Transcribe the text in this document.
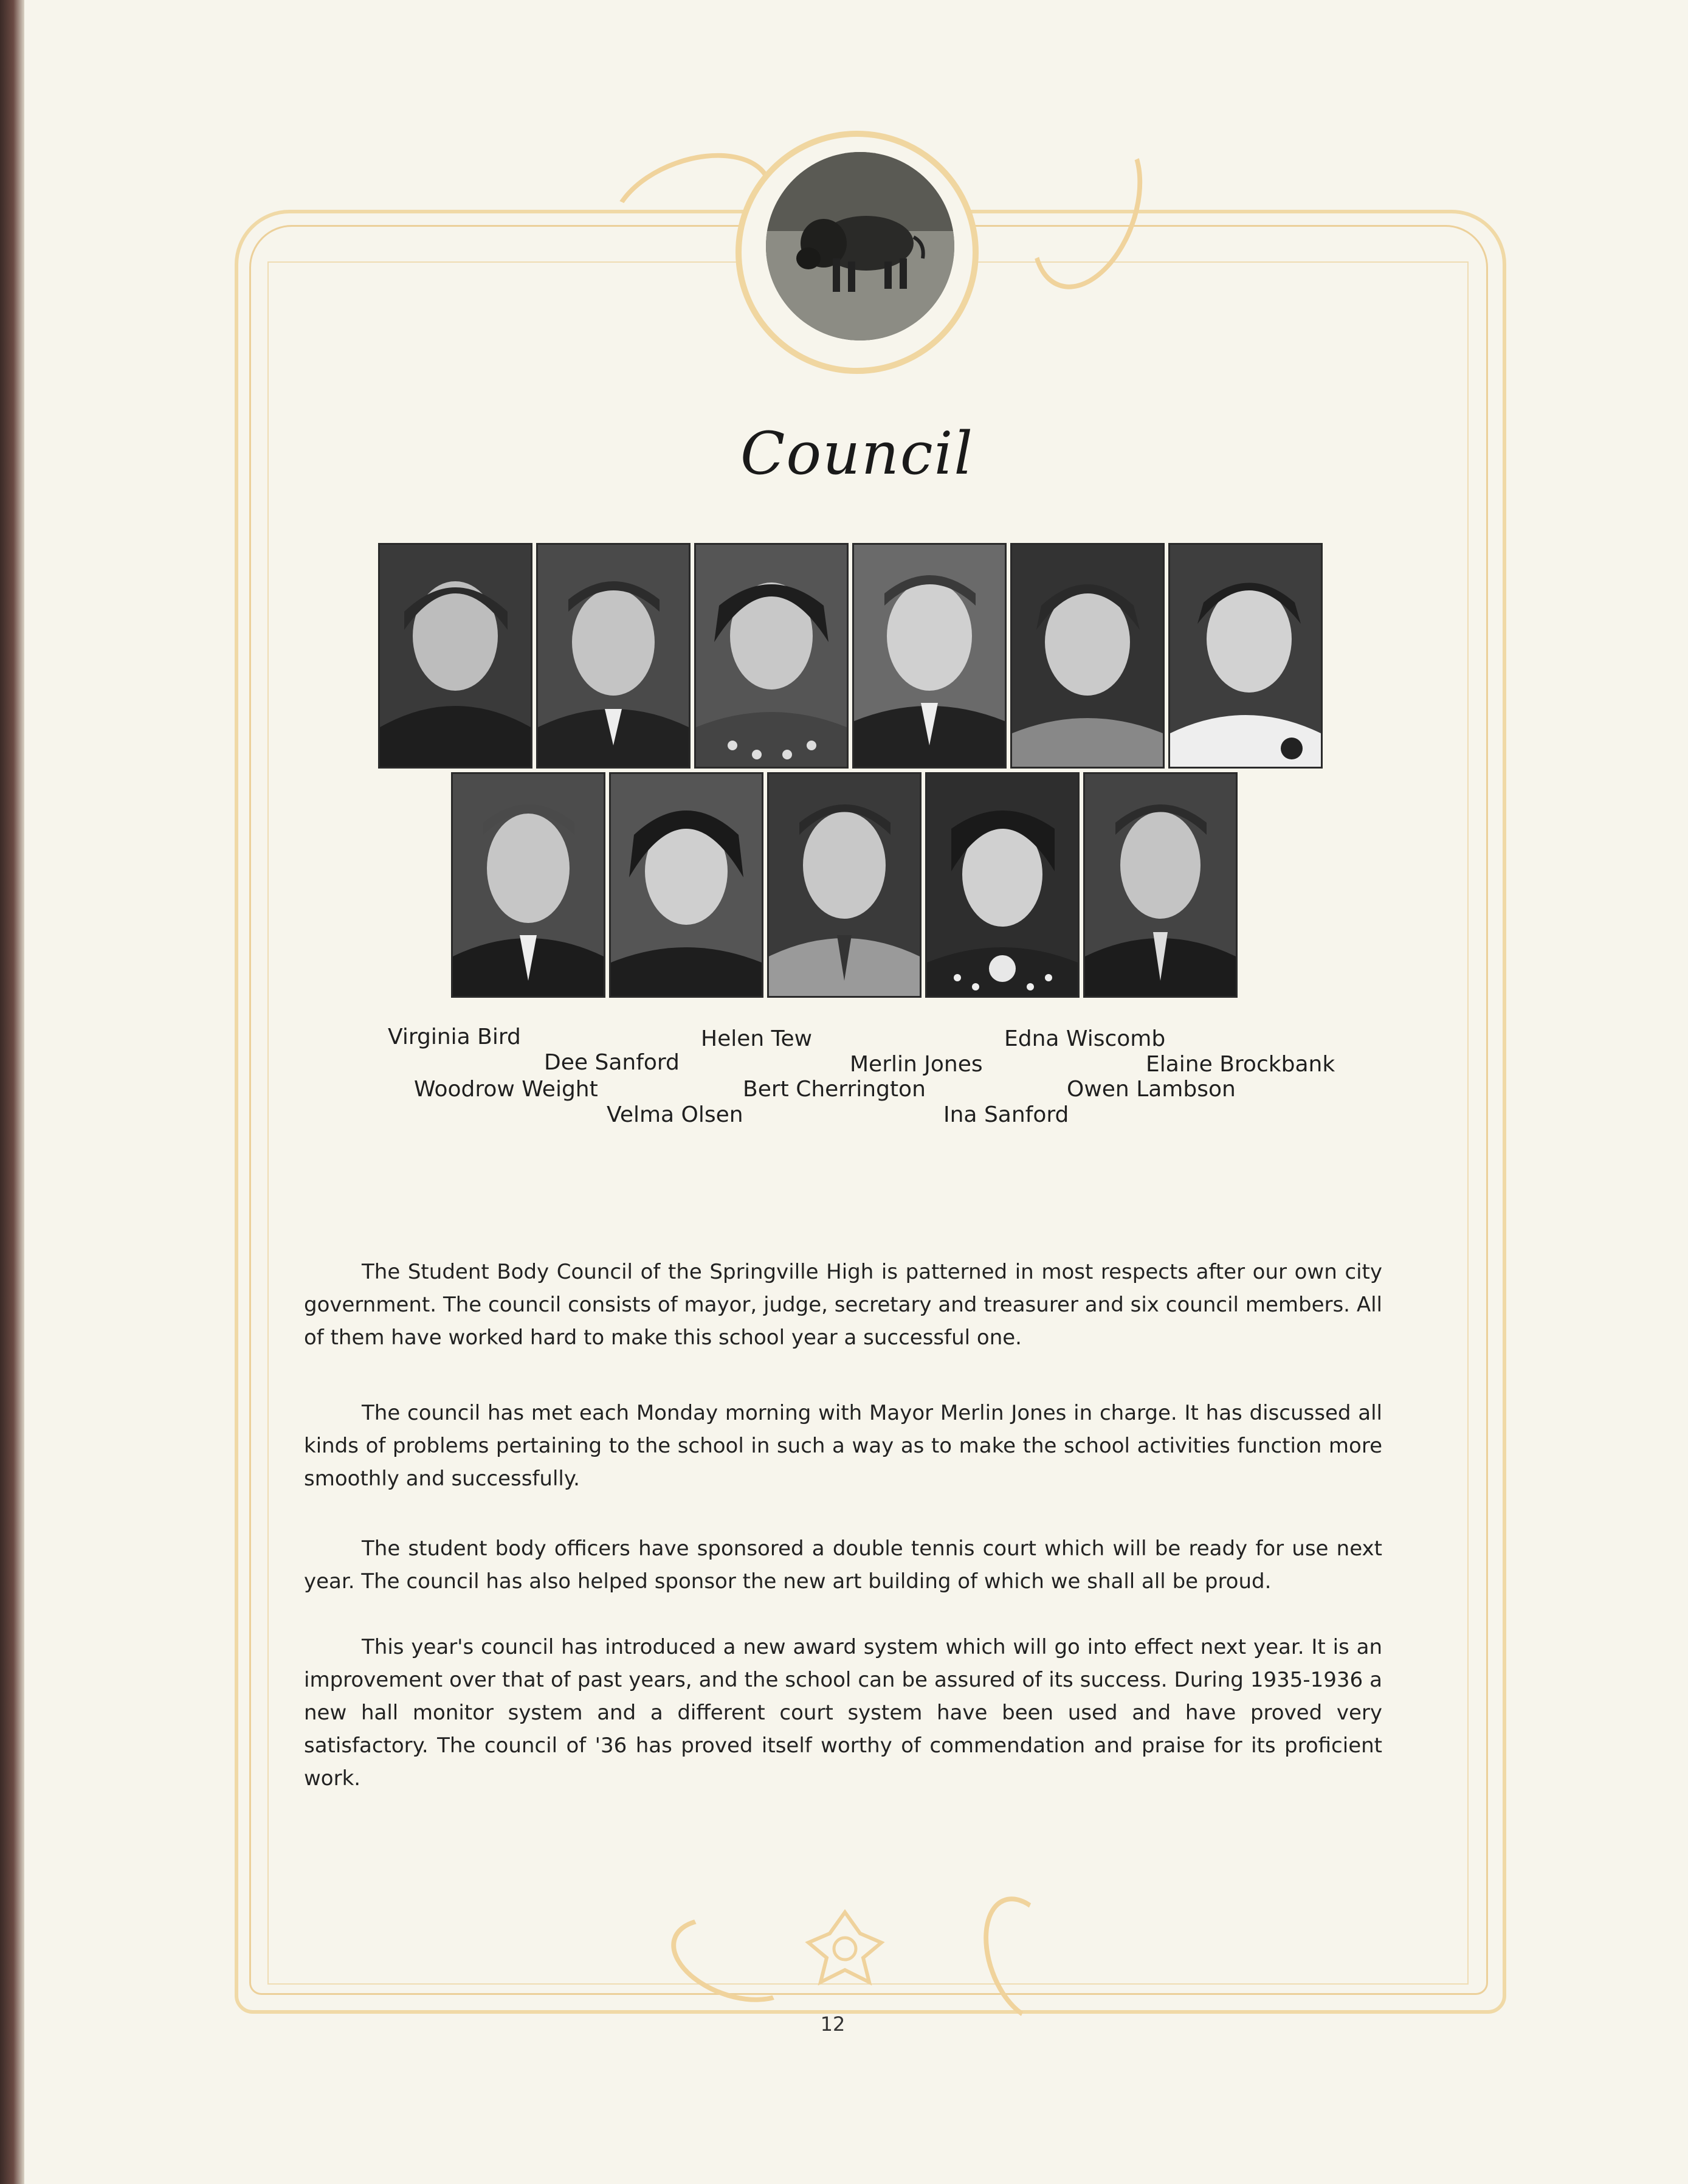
Council
Virginia Bird
Dee Sanford
Helen Tew
Merlin Jones
Edna Wiscomb
Elaine Brockbank
Woodrow Weight	Bert Cherrington	Owen Lambson
Velma Olsen	Ina Sanford

The Student Body Council of the Springville High is patterned in most respects after our own city government. The council consists of mayor, judge, secretary and treasurer and six council members. All of them have worked hard to make this school year a successful one.

The council has met each Monday morning with Mayor Merlin Jones in charge. It has discussed all kinds of problems pertaining to the school in such a way as to make the school activities function more smoothly and successfully.

The student body officers have sponsored a double tennis court which will be ready for use next year. The council has also helped sponsor the new art building of which we shall all be proud.

This year's council has introduced a new award system which will go into effect next year. It is an improvement over that of past years, and the school can be assured of its success. During 1935-1936 a new hall monitor system and a different court system have been used and have proved very satisfactory. The council of '36 has proved itself worthy of commendation and praise for its proficient work.

12
